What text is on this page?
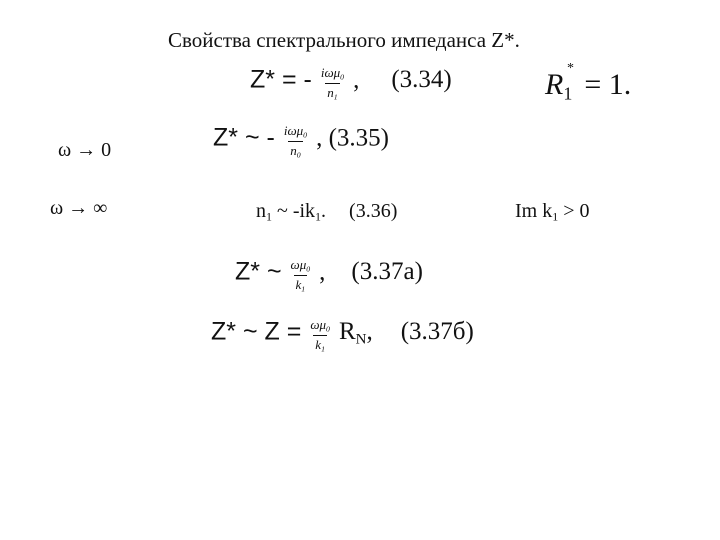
Свойства спектрального импеданса Z*.
Z* = - $\frac{i\omega\mu_0}{n_1}$ , (3.34)	$R_1$
* = 1.
ω → 0	Z* ~ - $\frac{i\omega\mu_0}{n_0}$ , (3.35)
ω → ∞	$n_1$ ~ $-ik_1$. (3.36)	Im $k_1 > 0$
Z* ~ $\frac{\omega\mu_0}{k_1}$ , (3.37a)
Z* ~ $Z = \frac{\omega\mu_0}{k_1} R_N$, (3.37б)
